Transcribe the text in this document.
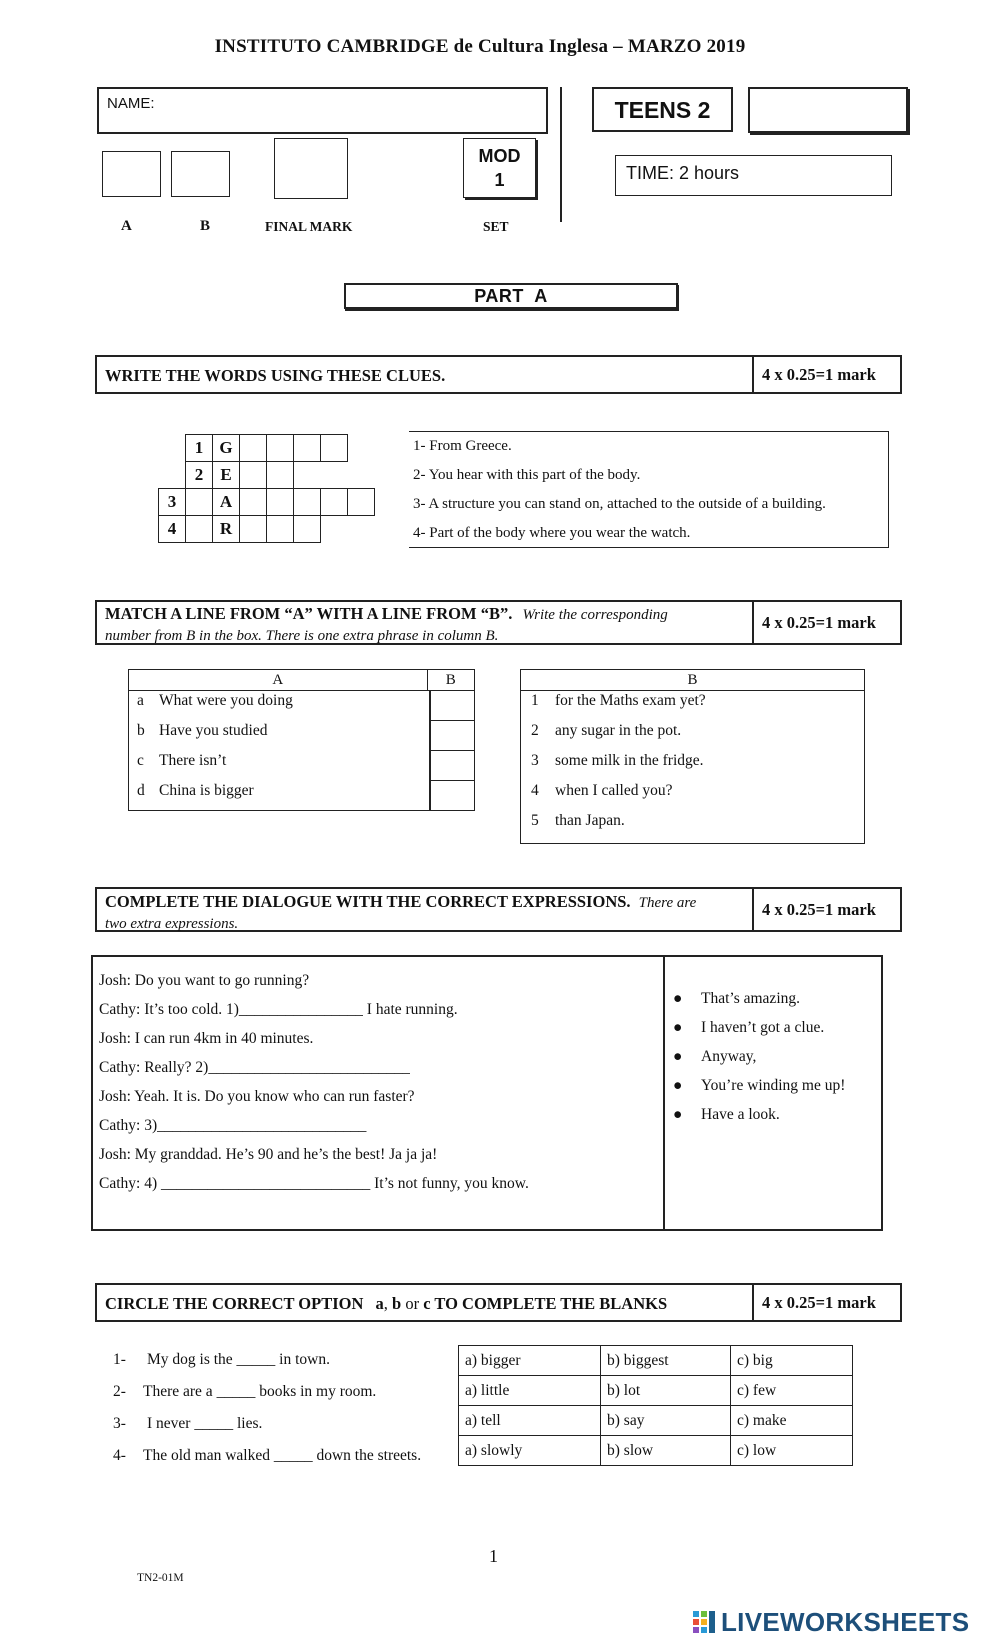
INSTITUTO CAMBRIDGE de Cultura Inglesa – MARZO 2019
NAME:	TEENS 2
TIME: 2 hours
MOD
1
A	B	FINAL MARK	SET
PART  A
WRITE THE WORDS USING THESE CLUES.	4 x 0.25=1 mark
	1	G					
	2	E					
3		A					
4		R					
1- From Greece.
2- You hear with this part of the body.
3- A structure you can stand on, attached to the outside of a building.
4- Part of the body where you wear the watch.
MATCH A LINE FROM “A” WITH A LINE FROM “B”. Write the corresponding
number from B in the box. There is one extra phrase in column B.
4 x 0.25=1 mark
A	B
a What were you doing
b Have you studied
c There isn’t
d China is bigger
B
1 for the Maths exam yet?
2 any sugar in the pot.
3 some milk in the fridge.
4 when I called you?
5 than Japan.
COMPLETE THE DIALOGUE WITH THE CORRECT EXPRESSIONS. There are
two extra expressions.
4 x 0.25=1 mark
Josh: Do you want to go running?
Cathy: It’s too cold. 1)________________ I hate running.
Josh: I can run 4km in 40 minutes.
Cathy: Really? 2)__________________________
Josh: Yeah. It is. Do you know who can run faster?
Cathy: 3)___________________________
Josh: My granddad. He’s 90 and he’s the best! Ja ja ja!
Cathy: 4) ___________________________ It’s not funny, you know.
● That’s amazing.
● I haven’t got a clue.
● Anyway,
● You’re winding me up!
● Have a look.
CIRCLE THE CORRECT OPTION a, b or c TO COMPLETE THE BLANKS	4 x 0.25=1 mark
1- My dog is the _____ in town.
2- There are a _____ books in my room.
3- I never _____ lies.
4- The old man walked _____ down the streets.
a) bigger	b) biggest	c) big
a) little	b) lot	c) few
a) tell	b) say	c) make
a) slowly	b) slow	c) low
1
TN2-01M
LIVEWORKSHEETS
